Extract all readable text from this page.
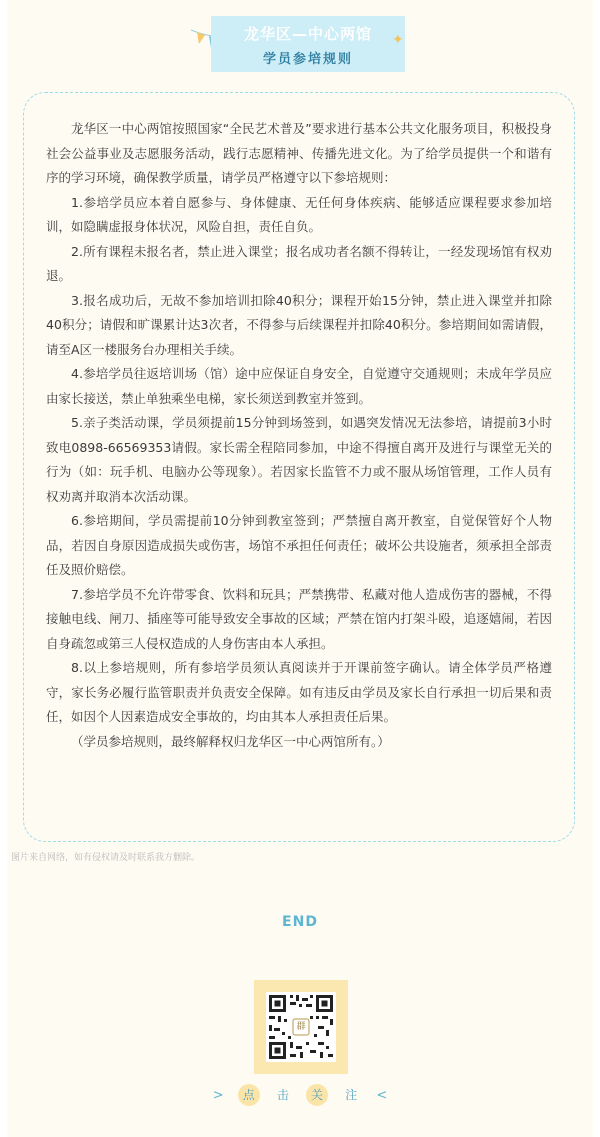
龙华区—中心两馆
学员参培规则
✦

龙华区一中心两馆按照国家“全民艺术普及”要求进行基本公共文化服务项目，积极投身社会公益事业及志愿服务活动，践行志愿精神、传播先进文化。为了给学员提供一个和谐有序的学习环境，确保教学质量，请学员严格遵守以下参培规则：

1.参培学员应本着自愿参与、身体健康、无任何身体疾病、能够适应课程要求参加培训，如隐瞒虚报身体状况，风险自担，责任自负。

2.所有课程未报名者，禁止进入课堂；报名成功者名额不得转让，一经发现场馆有权劝退。

3.报名成功后，无故不参加培训扣除40积分；课程开始15分钟，禁止进入课堂并扣除40积分；请假和旷课累计达3次者，不得参与后续课程并扣除40积分。参培期间如需请假，请至A区一楼服务台办理相关手续。

4.参培学员往返培训场（馆）途中应保证自身安全，自觉遵守交通规则；未成年学员应由家长接送，禁止单独乘坐电梯，家长须送到教室并签到。

5.亲子类活动课，学员须提前15分钟到场签到，如遇突发情况无法参培，请提前3小时致电0898-66569353请假。家长需全程陪同参加，中途不得擅自离开及进行与课堂无关的行为（如：玩手机、电脑办公等现象）。若因家长监管不力或不服从场馆管理，工作人员有权劝离并取消本次活动课。

6.参培期间，学员需提前10分钟到教室签到；严禁擅自离开教室，自觉保管好个人物品，若因自身原因造成损失或伤害，场馆不承担任何责任；破坏公共设施者，须承担全部责任及照价赔偿。

7.参培学员不允许带零食、饮料和玩具；严禁携带、私藏对他人造成伤害的器械，不得接触电线、闸刀、插座等可能导致安全事故的区域；严禁在馆内打架斗殴，追逐嬉闹，若因自身疏忽或第三人侵权造成的人身伤害由本人承担。

8.以上参培规则，所有参培学员须认真阅读并于开课前签字确认。请全体学员严格遵守，家长务必履行监管职责并负责安全保障。如有违反由学员及家长自行承担一切后果和责任，如因个人因素造成安全事故的，均由其本人承担责任后果。

（学员参培规则，最终解释权归龙华区一中心两馆所有。）

图片来自网络，如有侵权请及时联系我方删除。
END
群
> 点 击 关 注 <
